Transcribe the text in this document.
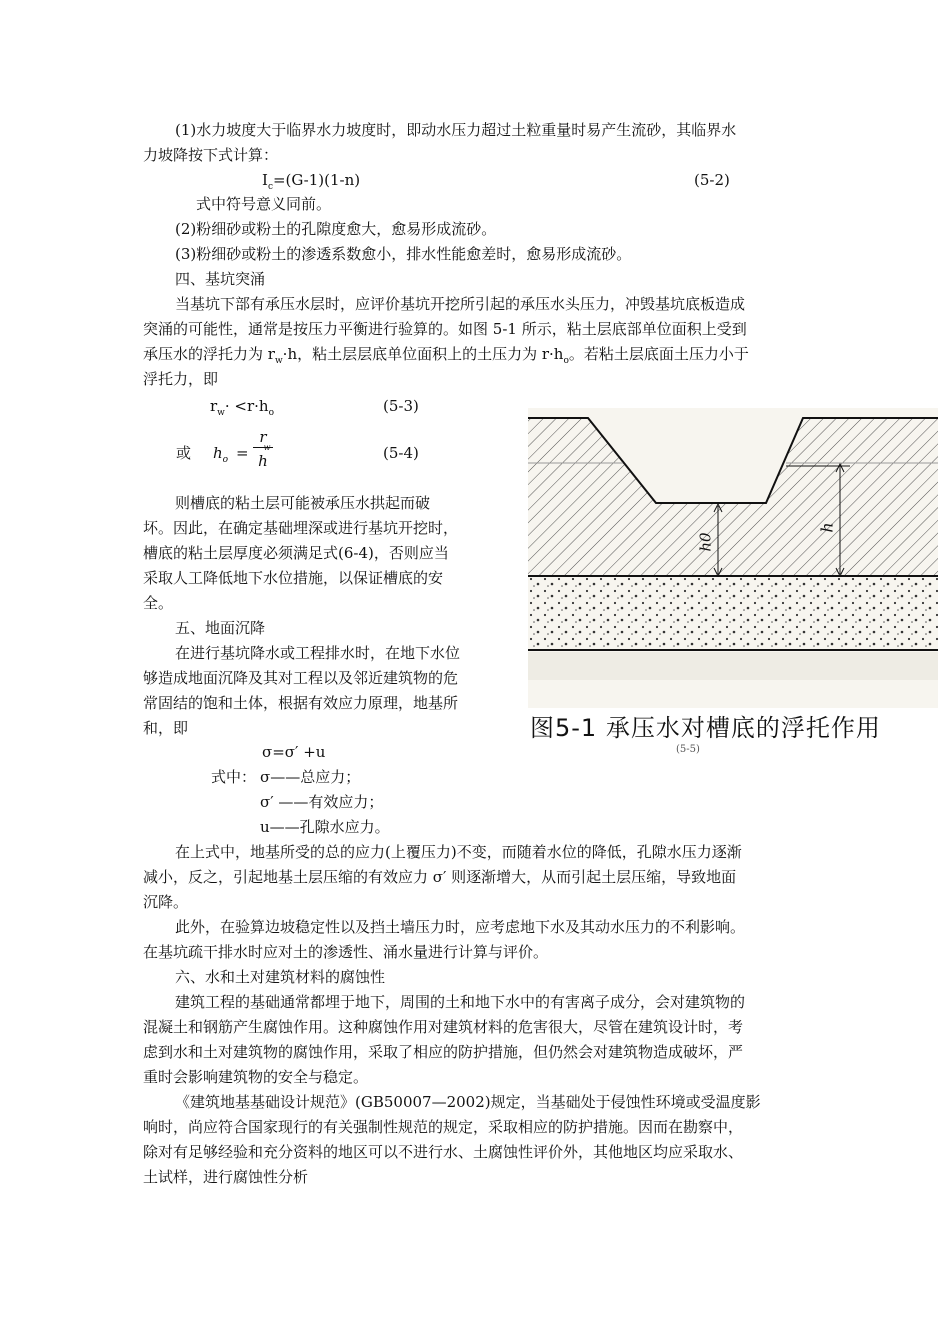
(1)水力坡度大于临界水力坡度时，即动水压力超过土粒重量时易产生流砂，其临界水
力坡降按下式计算：
$I_c=(G-1)(1-n)$	(5-2)
式中符号意义同前。
(2)粉细砂或粉土的孔隙度愈大，愈易形成流砂。
(3)粉细砂或粉土的渗透系数愈小，排水性能愈差时，愈易形成流砂。
四、基坑突涌
当基坑下部有承压水层时，应评价基坑开挖所引起的承压水头压力，冲毁基坑底板造成
突涌的可能性，通常是按压力平衡进行验算的。如图 5-1 所示，粘土层底部单位面积上受到
承压水的浮托力为 $r_w\cdot h$，粘土层层底单位面积上的土压力为 $r\cdot h_o$。若粘土层底面土压力小于
浮托力，即
$r_w\cdot <r\cdot h_o$	(5-3)
或 $h_o$ =
r
h	(5-4)
则槽底的粘土层可能被承压水拱起而破
坏。因此，在确定基础埋深或进行基坑开挖时，
槽底的粘土层厚度必须满足式(6-4)，否则应当
采取人工降低地下水位措施，以保证槽底的安
全。
五、地面沉降
在进行基坑降水或工程排水时，在地下水位
够造成地面沉降及其对工程以及邻近建筑物的危
常固结的饱和土体，根据有效应力原理，地基所
和，即
σ=σ′ +u
式中： σ——总应力；
σ′ ——有效应力；
u——孔隙水应力。
在上式中，地基所受的总的应力(上覆压力)不变，而随着水位的降低，孔隙水压力逐渐
减小，反之，引起地基土层压缩的有效应力 σ′ 则逐渐增大，从而引起土层压缩，导致地面
沉降。
此外，在验算边坡稳定性以及挡土墙压力时，应考虑地下水及其动水压力的不利影响。
在基坑疏干排水时应对土的渗透性、涌水量进行计算与评价。
六、水和土对建筑材料的腐蚀性
建筑工程的基础通常都埋于地下，周围的土和地下水中的有害离子成分，会对建筑物的
混凝土和钢筋产生腐蚀作用。这种腐蚀作用对建筑材料的危害很大，尽管在建筑设计时，考
虑到水和土对建筑物的腐蚀作用，采取了相应的防护措施，但仍然会对建筑物造成破坏，严
重时会影响建筑物的安全与稳定。
《建筑地基基础设计规范》(GB50007—2002)规定，当基础处于侵蚀性环境或受温度影
响时，尚应符合国家现行的有关强制性规范的规定，采取相应的防护措施。因而在勘察中，
除对有足够经验和充分资料的地区可以不进行水、土腐蚀性评价外，其他地区均应采取水、
土试样，进行腐蚀性分析
h0
h
图5-1 承压水对槽底的浮托作用
(5-5)
